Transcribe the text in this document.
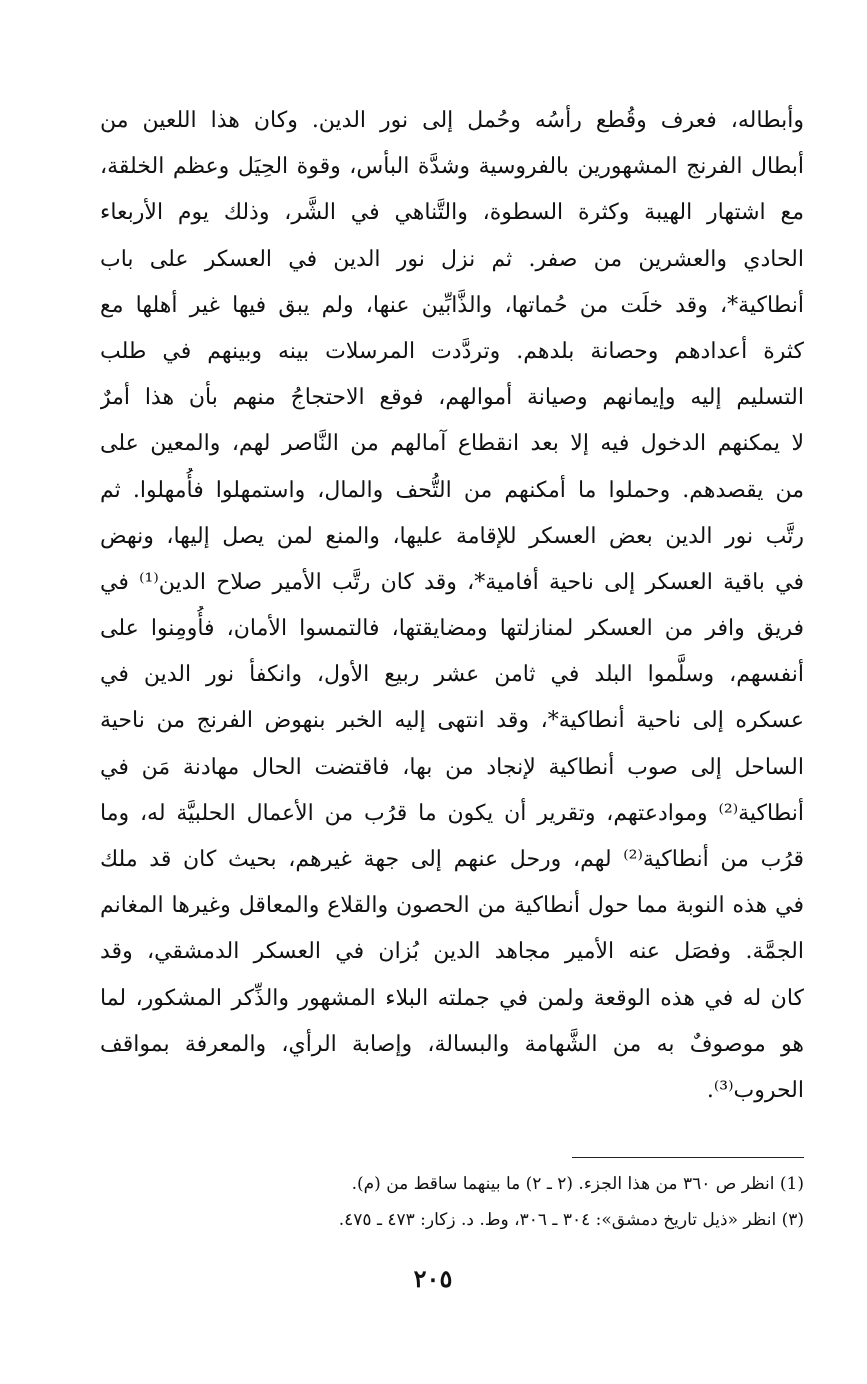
وأبطاله، فعرف وقُطع رأسُه وحُمل إلى نور الدين. وكان هذا اللعين من
أبطال الفرنج المشهورين بالفروسية وشدَّة البأس، وقوة الحِيَل وعظم الخلقة،
مع اشتهار الهيبة وكثرة السطوة، والتَّناهي في الشَّر، وذلك يوم الأربعاء
الحادي والعشرين من صفر. ثم نزل نور الدين في العسكر على باب
أنطاكية*، وقد خلَت من حُماتها، والذَّابِّين عنها، ولم يبق فيها غير أهلها مع
كثرة أعدادهم وحصانة بلدهم. وتردَّدت المرسلات بينه وبينهم في طلب
التسليم إليه وإيمانهم وصيانة أموالهم، فوقع الاحتجاجُ منهم بأن هذا أمرٌ
لا يمكنهم الدخول فيه إلا بعد انقطاع آمالهم من النَّاصر لهم، والمعين على
من يقصدهم. وحملوا ما أمكنهم من التُّحف والمال، واستمهلوا فأُمهلوا. ثم
رتَّب نور الدين بعض العسكر للإقامة عليها، والمنع لمن يصل إليها، ونهض
في باقية العسكر إلى ناحية أفامية*، وقد كان رتَّب الأمير صلاح الدين⁽¹⁾ في
فريق وافر من العسكر لمنازلتها ومضايقتها، فالتمسوا الأمان، فأُومِنوا على
أنفسهم، وسلَّموا البلد في ثامن عشر ربيع الأول، وانكفأ نور الدين في
عسكره إلى ناحية أنطاكية*، وقد انتهى إليه الخبر بنهوض الفرنج من ناحية
الساحل إلى صوب أنطاكية لإنجاد من بها، فاقتضت الحال مهادنة مَن في
أنطاكية⁽²⁾ وموادعتهم، وتقرير أن يكون ما قرُب من الأعمال الحلبيَّة له، وما
قرُب من أنطاكية⁽²⁾ لهم، ورحل عنهم إلى جهة غيرهم، بحيث كان قد ملك
في هذه النوبة مما حول أنطاكية من الحصون والقلاع والمعاقل وغيرها المغانم
الجمَّة. وفصَل عنه الأمير مجاهد الدين بُزان في العسكر الدمشقي، وقد
كان له في هذه الوقعة ولمن في جملته البلاء المشهور والذِّكر المشكور، لما
هو موصوفٌ به من الشَّهامة والبسالة، وإصابة الرأي، والمعرفة بمواقف
الحروب⁽³⁾.
(1) انظر ص ٣٦٠ من هذا الجزء. (٢ ـ ٢) ما بينهما ساقط من (م).
(٣) انظر «ذيل تاريخ دمشق»: ٣٠٤ ـ ٣٠٦، وط. د. زكار: ٤٧٣ ـ ٤٧٥.
٢٠٥
